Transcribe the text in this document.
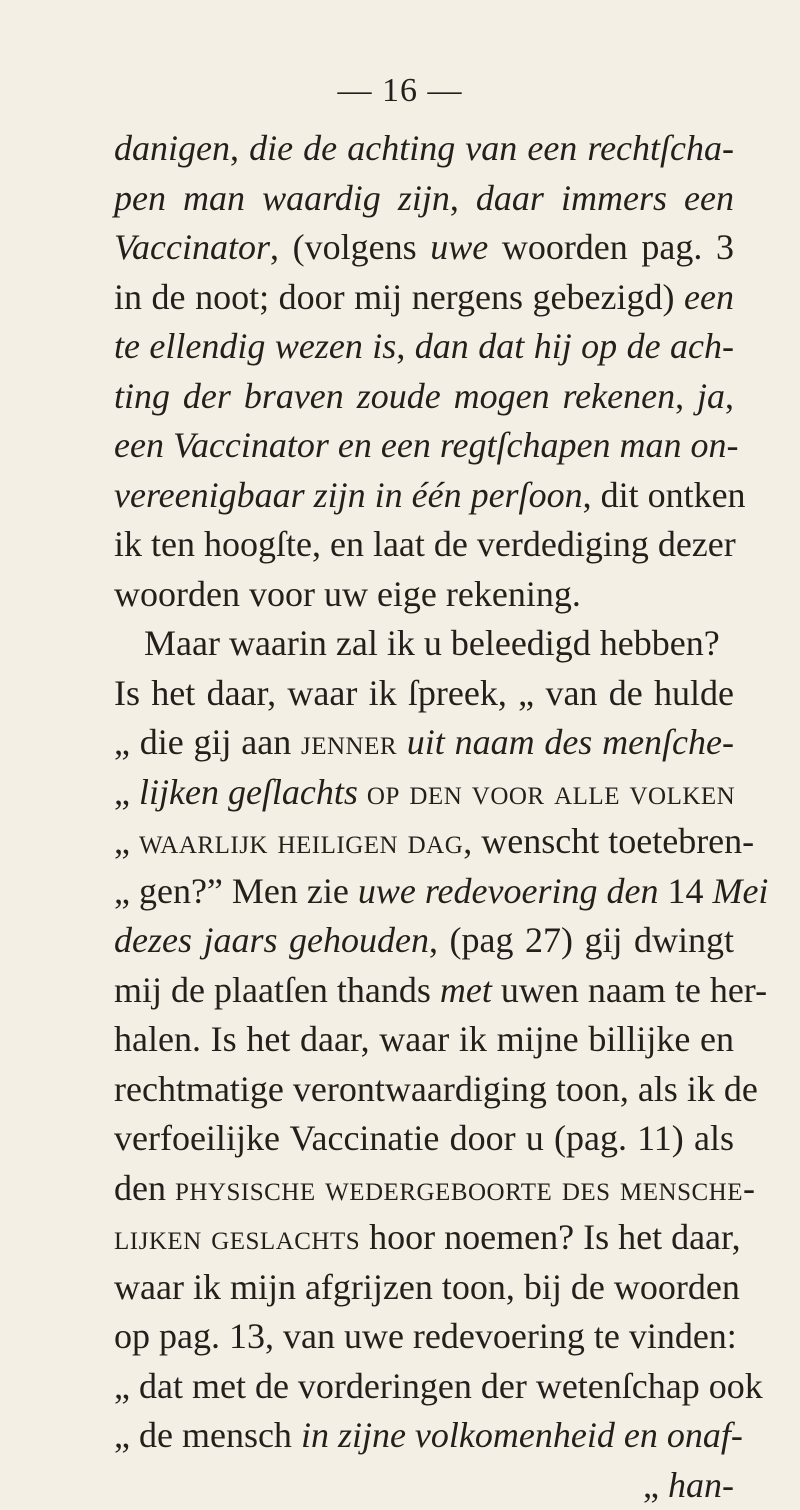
— 16 —
danigen, die de achting van een rechtſcha-
pen man waardig zijn, daar immers een
Vaccinator, (volgens uwe woorden pag. 3
in de noot; door mij nergens gebezigd) een
te ellendig wezen is, dan dat hij op de ach-
ting der braven zoude mogen rekenen, ja,
een Vaccinator en een regtſchapen man on-
vereenigbaar zijn in één perſoon, dit ontken
ik ten hoogſte, en laat de verdediging dezer
woorden voor uw eige rekening.
Maar waarin zal ik u beleedigd hebben?
Is het daar, waar ik ſpreek, „ van de hulde
„ die gij aan jenner uit naam des menſche-
„ lijken geſlachts op den voor alle volken
„ waarlijk heiligen dag, wenscht toetebren-
„ gen?” Men zie uwe redevoering den 14 Mei
dezes jaars gehouden, (pag 27) gij dwingt
mij de plaatſen thands met uwen naam te her-
halen. Is het daar, waar ik mijne billijke en
rechtmatige verontwaardiging toon, als ik de
verfoeilijke Vaccinatie door u (pag. 11) als
den physische wedergeboorte des mensche-
lijken geslachts hoor noemen? Is het daar,
waar ik mijn afgrijzen toon, bij de woorden
op pag. 13, van uwe redevoering te vinden:
„ dat met de vorderingen der wetenſchap ook
„ de mensch in zijne volkomenheid en onaf-
„ han-
